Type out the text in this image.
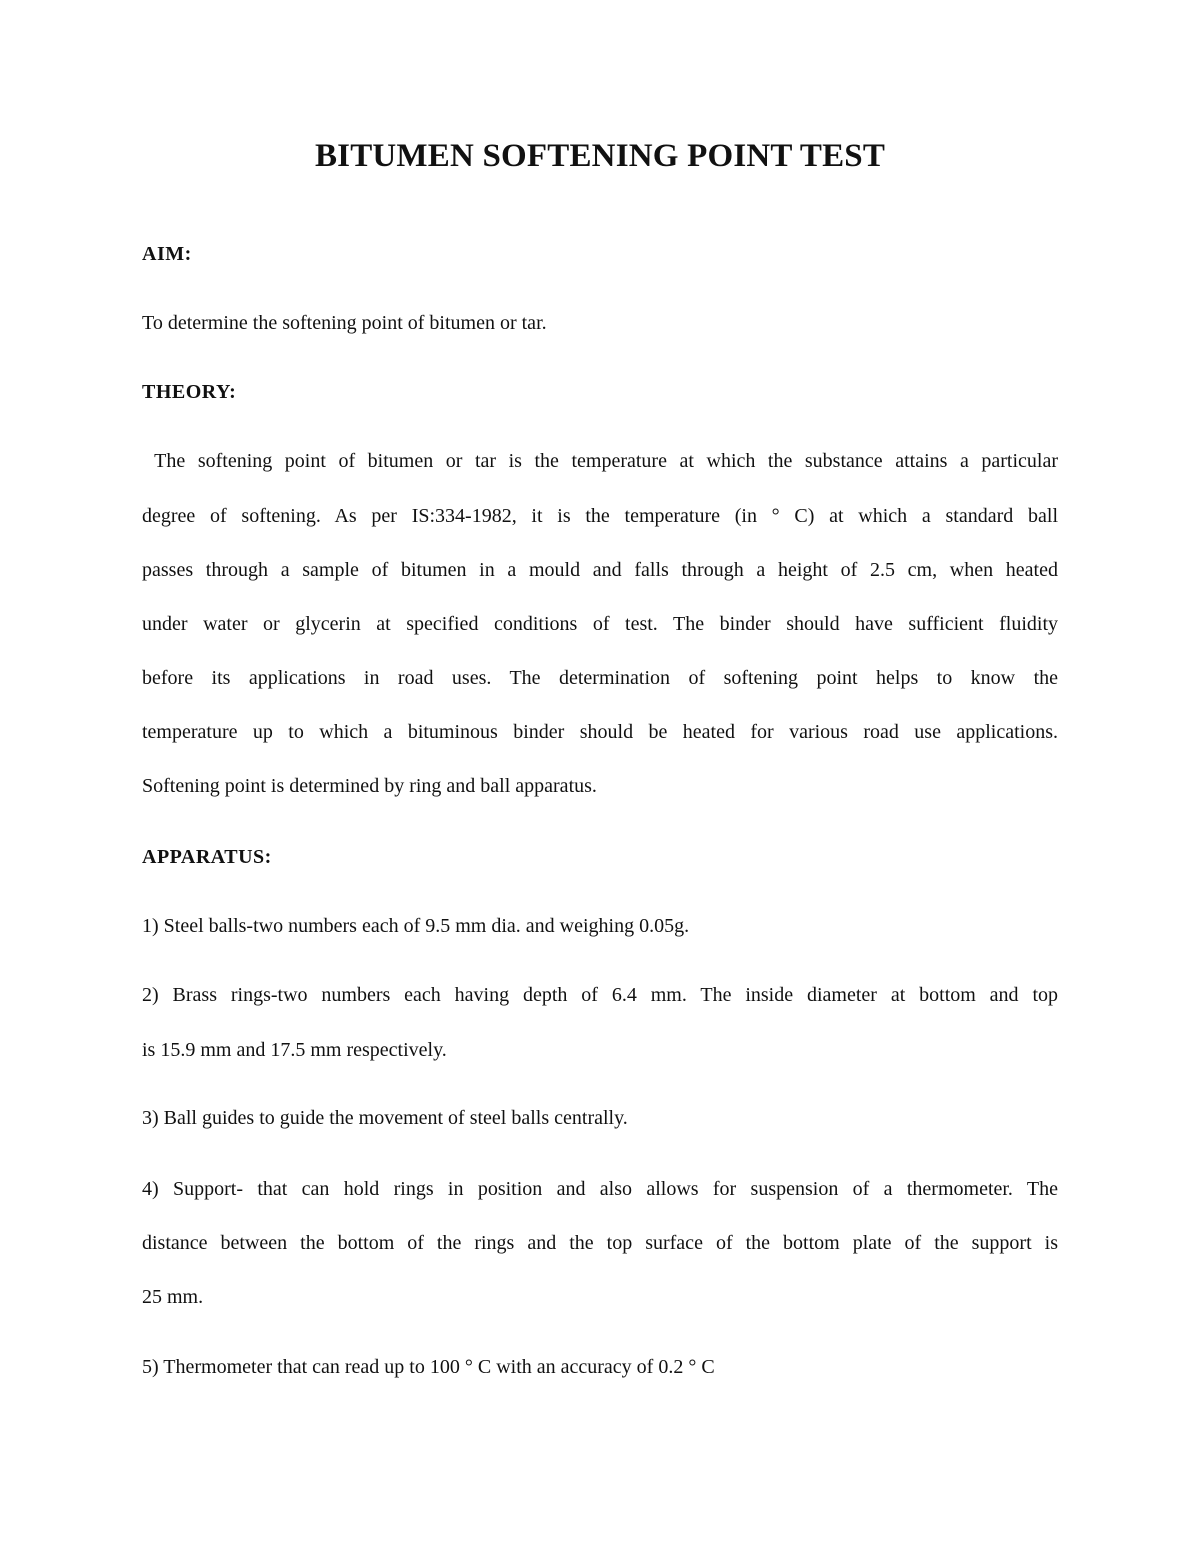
BITUMEN SOFTENING POINT TEST
AIM:
To determine the softening point of bitumen or tar.
THEORY:
The softening point of bitumen or tar is the temperature at which the substance attains a particular
degree of softening. As per IS:334-1982, it is the temperature (in ° C) at which a standard ball
passes through a sample of bitumen in a mould and falls through a height of 2.5 cm, when heated
under water or glycerin at specified conditions of test. The binder should have sufficient fluidity
before its applications in road uses. The determination of softening point helps to know the
temperature up to which a bituminous binder should be heated for various road use applications.
Softening point is determined by ring and ball apparatus.
APPARATUS:
1) Steel balls-two numbers each of 9.5 mm dia. and weighing 0.05g.
2) Brass rings-two numbers each having depth of 6.4 mm. The inside diameter at bottom and top
is 15.9 mm and 17.5 mm respectively.
3) Ball guides to guide the movement of steel balls centrally.
4) Support- that can hold rings in position and also allows for suspension of a thermometer. The
distance between the bottom of the rings and the top surface of the bottom plate of the support is
25 mm.
5) Thermometer that can read up to 100 ° C with an accuracy of 0.2 ° C
